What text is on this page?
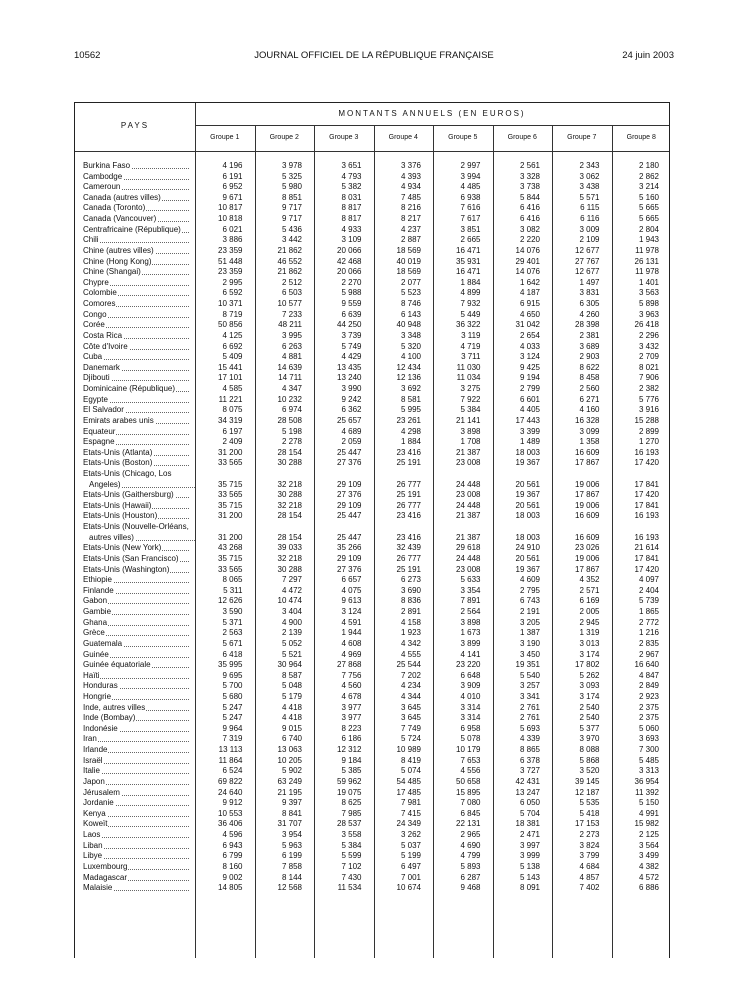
10562	JOURNAL OFFICIEL DE LA RÉPUBLIQUE FRANÇAISE	24 juin 2003
PAYS
MONTANTS ANNUELS (EN EUROS)
Groupe 1	Groupe 2	Groupe 3	Groupe 4	Groupe 5	Groupe 6	Groupe 7	Groupe 8
Burkina Faso	4 196	3 978	3 651	3 376	2 997	2 561	2 343	2 180
Cambodge	6 191	5 325	4 793	4 393	3 994	3 328	3 062	2 862
Cameroun	6 952	5 980	5 382	4 934	4 485	3 738	3 438	3 214
Canada (autres villes)	9 671	8 851	8 031	7 485	6 938	5 844	5 571	5 160
Canada (Toronto)	10 817	9 717	8 817	8 216	7 616	6 416	6 115	5 665
Canada (Vancouver)	10 818	9 717	8 817	8 217	7 617	6 416	6 116	5 665
Centrafricaine (République)	6 021	5 436	4 933	4 237	3 851	3 082	3 009	2 804
Chili	3 886	3 442	3 109	2 887	2 665	2 220	2 109	1 943
Chine (autres villes)	23 359	21 862	20 066	18 569	16 471	14 076	12 677	11 978
Chine (Hong Kong)	51 448	46 552	42 468	40 019	35 931	29 401	27 767	26 131
Chine (Shangai)	23 359	21 862	20 066	18 569	16 471	14 076	12 677	11 978
Chypre	2 995	2 512	2 270	2 077	1 884	1 642	1 497	1 401
Colombie	6 592	6 503	5 988	5 523	4 899	4 187	3 831	3 563
Comores	10 371	10 577	9 559	8 746	7 932	6 915	6 305	5 898
Congo	8 719	7 233	6 639	6 143	5 449	4 650	4 260	3 963
Corée	50 856	48 211	44 250	40 948	36 322	31 042	28 398	26 418
Costa Rica	4 125	3 995	3 739	3 348	3 119	2 654	2 381	2 296
Côte d'Ivoire	6 692	6 263	5 749	5 320	4 719	4 033	3 689	3 432
Cuba	5 409	4 881	4 429	4 100	3 711	3 124	2 903	2 709
Danemark	15 441	14 639	13 435	12 434	11 030	9 425	8 622	8 021
Djibouti	17 101	14 711	13 240	12 136	11 034	9 194	8 458	7 906
Dominicaine (République)	4 585	4 347	3 990	3 692	3 275	2 799	2 560	2 382
Egypte	11 221	10 232	9 242	8 581	7 922	6 601	6 271	5 776
El Salvador	8 075	6 974	6 362	5 995	5 384	4 405	4 160	3 916
Emirats arabes unis	34 319	28 508	25 657	23 261	21 141	17 443	16 328	15 288
Equateur	6 197	5 198	4 689	4 298	3 898	3 399	3 099	2 899
Espagne	2 409	2 278	2 059	1 884	1 708	1 489	1 358	1 270
Etats-Unis (Atlanta)	31 200	28 154	25 447	23 416	21 387	18 003	16 609	16 193
Etats-Unis (Boston)	33 565	30 288	27 376	25 191	23 008	19 367	17 867	17 420
Etats-Unis (Chicago, Los
Angeles)	35 715	32 218	29 109	26 777	24 448	20 561	19 006	17 841
Etats-Unis (Gaithersburg)	33 565	30 288	27 376	25 191	23 008	19 367	17 867	17 420
Etats-Unis (Hawaii)	35 715	32 218	29 109	26 777	24 448	20 561	19 006	17 841
Etats-Unis (Houston)	31 200	28 154	25 447	23 416	21 387	18 003	16 609	16 193
Etats-Unis (Nouvelle-Orléans,
autres villes)	31 200	28 154	25 447	23 416	21 387	18 003	16 609	16 193
Etats-Unis (New York)	43 268	39 033	35 266	32 439	29 618	24 910	23 026	21 614
Etats-Unis (San Francisco)	35 715	32 218	29 109	26 777	24 448	20 561	19 006	17 841
Etats-Unis (Washington)	33 565	30 288	27 376	25 191	23 008	19 367	17 867	17 420
Ethiopie	8 065	7 297	6 657	6 273	5 633	4 609	4 352	4 097
Finlande	5 311	4 472	4 075	3 690	3 354	2 795	2 571	2 404
Gabon	12 626	10 474	9 613	8 836	7 891	6 743	6 169	5 739
Gambie	3 590	3 404	3 124	2 891	2 564	2 191	2 005	1 865
Ghana	5 371	4 900	4 591	4 158	3 898	3 205	2 945	2 772
Grèce	2 563	2 139	1 944	1 923	1 673	1 387	1 319	1 216
Guatemala	5 671	5 052	4 608	4 342	3 899	3 190	3 013	2 835
Guinée	6 418	5 521	4 969	4 555	4 141	3 450	3 174	2 967
Guinée équatoriale	35 995	30 964	27 868	25 544	23 220	19 351	17 802	16 640
Haïti	9 695	8 587	7 756	7 202	6 648	5 540	5 262	4 847
Honduras	5 700	5 048	4 560	4 234	3 909	3 257	3 093	2 849
Hongrie	5 680	5 179	4 678	4 344	4 010	3 341	3 174	2 923
Inde, autres villes	5 247	4 418	3 977	3 645	3 314	2 761	2 540	2 375
Inde (Bombay)	5 247	4 418	3 977	3 645	3 314	2 761	2 540	2 375
Indonésie	9 964	9 015	8 223	7 749	6 958	5 693	5 377	5 060
Iran	7 319	6 740	6 186	5 724	5 078	4 339	3 970	3 693
Irlande	13 113	13 063	12 312	10 989	10 179	8 865	8 088	7 300
Israël	11 864	10 205	9 184	8 419	7 653	6 378	5 868	5 485
Italie	6 524	5 902	5 385	5 074	4 556	3 727	3 520	3 313
Japon	69 822	63 249	59 962	54 485	50 658	42 431	39 145	36 954
Jérusalem	24 640	21 195	19 075	17 485	15 895	13 247	12 187	11 392
Jordanie	9 912	9 397	8 625	7 981	7 080	6 050	5 535	5 150
Kenya	10 553	8 841	7 985	7 415	6 845	5 704	5 418	4 991
Koweït	36 406	31 707	28 537	24 349	22 131	18 381	17 153	15 982
Laos	4 596	3 954	3 558	3 262	2 965	2 471	2 273	2 125
Liban	6 943	5 963	5 384	5 037	4 690	3 997	3 824	3 564
Libye	6 799	6 199	5 599	5 199	4 799	3 999	3 799	3 499
Luxembourg	8 160	7 858	7 102	6 497	5 893	5 138	4 684	4 382
Madagascar	9 002	8 144	7 430	7 001	6 287	5 143	4 857	4 572
Malaisie	14 805	12 568	11 534	10 674	9 468	8 091	7 402	6 886
